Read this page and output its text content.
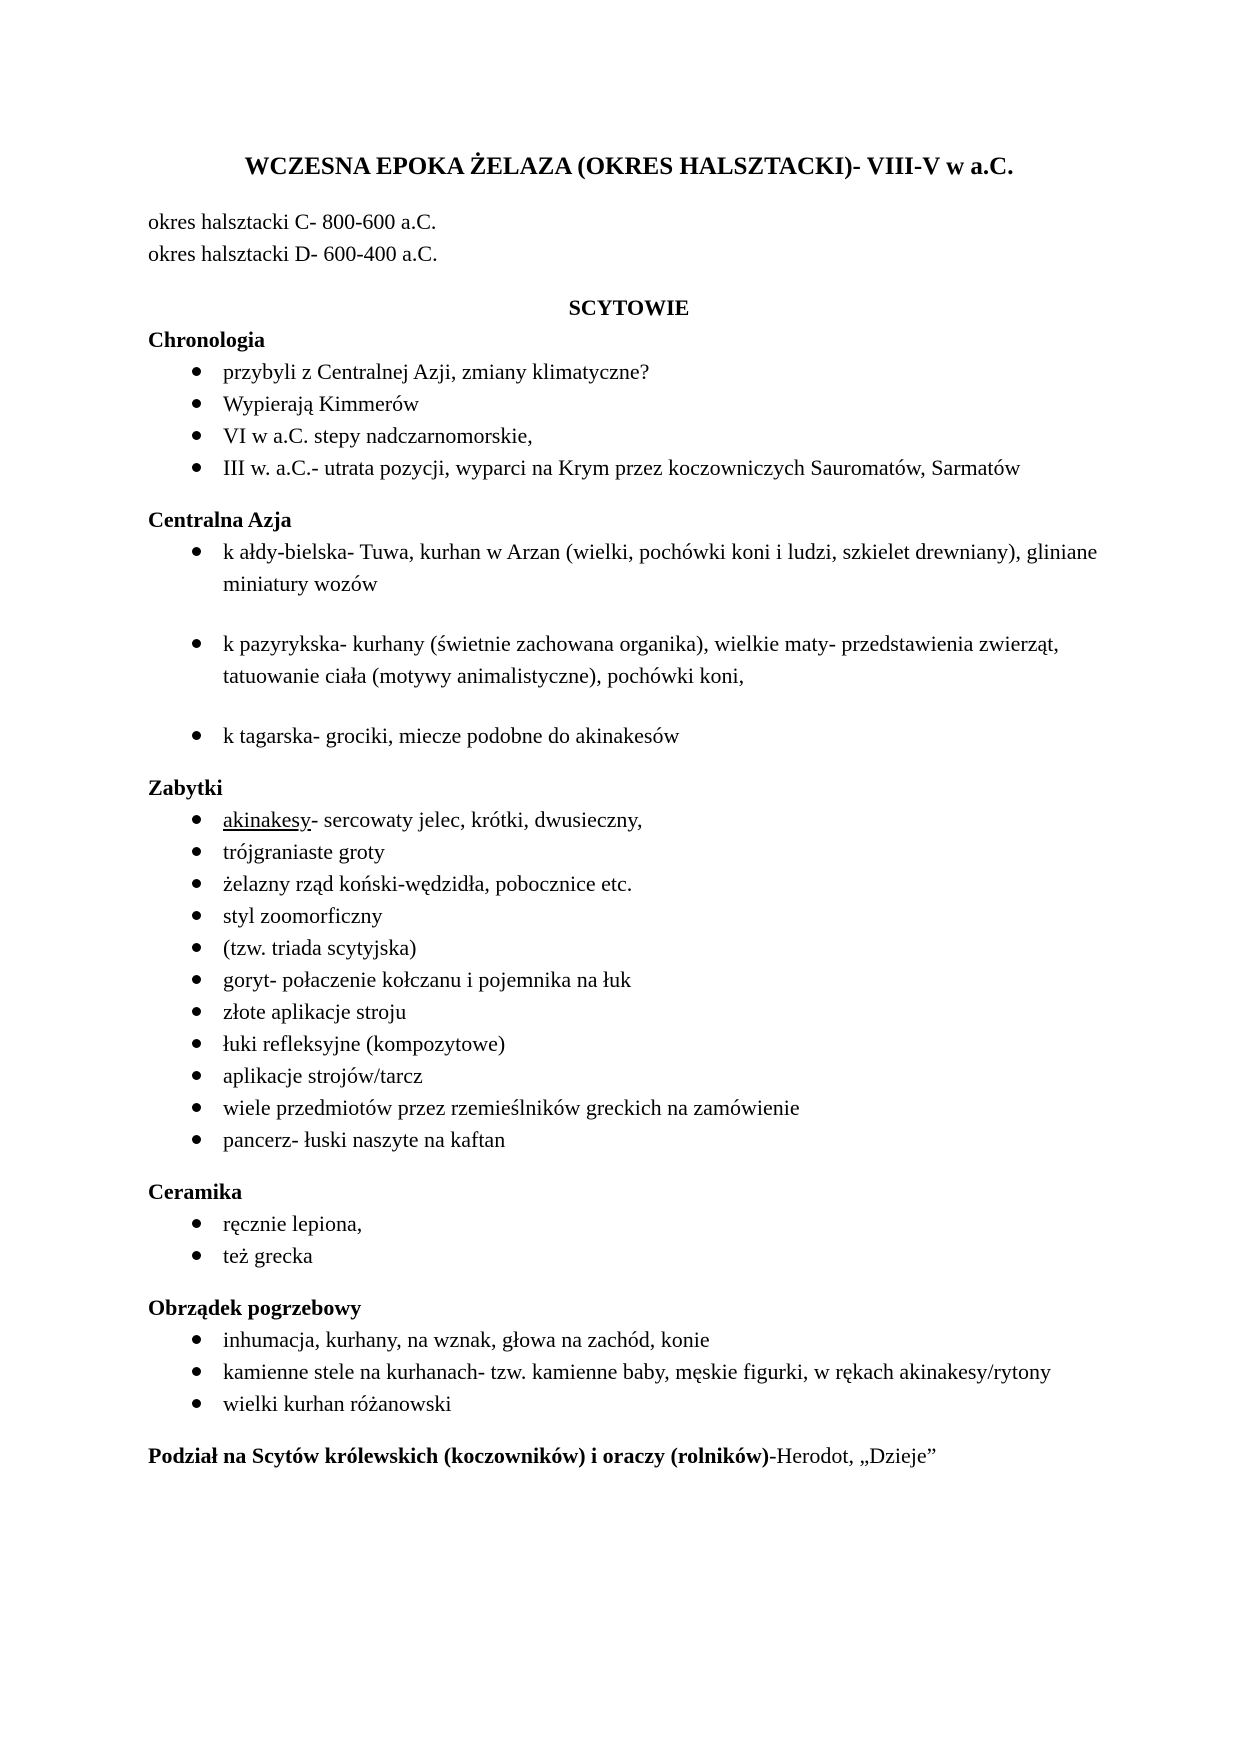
WCZESNA EPOKA ŻELAZA (OKRES HALSZTACKI)- VIII-V w a.C.

okres halsztacki C- 800-600 a.C.

okres halsztacki D- 600-400 a.C.

SCYTOWIE
Chronologia
przybyli z Centralnej Azji, zmiany klimatyczne?
Wypierają Kimmerów
VI w a.C. stepy nadczarnomorskie,
III w. a.C.- utrata pozycji, wyparci na Krym przez koczowniczych Sauromatów, Sarmatów
Centralna Azja
k ałdy-bielska- Tuwa, kurhan w Arzan (wielki, pochówki koni i ludzi, szkielet drewniany), gliniane miniatury wozów
k pazyrykska- kurhany (świetnie zachowana organika), wielkie maty- przedstawienia zwierząt, tatuowanie ciała (motywy animalistyczne), pochówki koni,
k tagarska- grociki, miecze podobne do akinakesów
Zabytki
akinakesy- sercowaty jelec, krótki, dwusieczny,
trójgraniaste groty
żelazny rząd koński-wędzidła, pobocznice etc.
styl zoomorficzny
(tzw. triada scytyjska)
goryt- połaczenie kołczanu i pojemnika na łuk
złote aplikacje stroju
łuki refleksyjne (kompozytowe)
aplikacje strojów/tarcz
wiele przedmiotów przez rzemieślników greckich na zamówienie
pancerz- łuski naszyte na kaftan
Ceramika
ręcznie lepiona,
też grecka
Obrządek pogrzebowy
inhumacja, kurhany, na wznak, głowa na zachód, konie
kamienne stele na kurhanach- tzw. kamienne baby, męskie figurki, w rękach akinakesy/rytony
wielki kurhan różanowski
Podział na Scytów królewskich (koczowników) i oraczy (rolników)-Herodot, „Dzieje”
